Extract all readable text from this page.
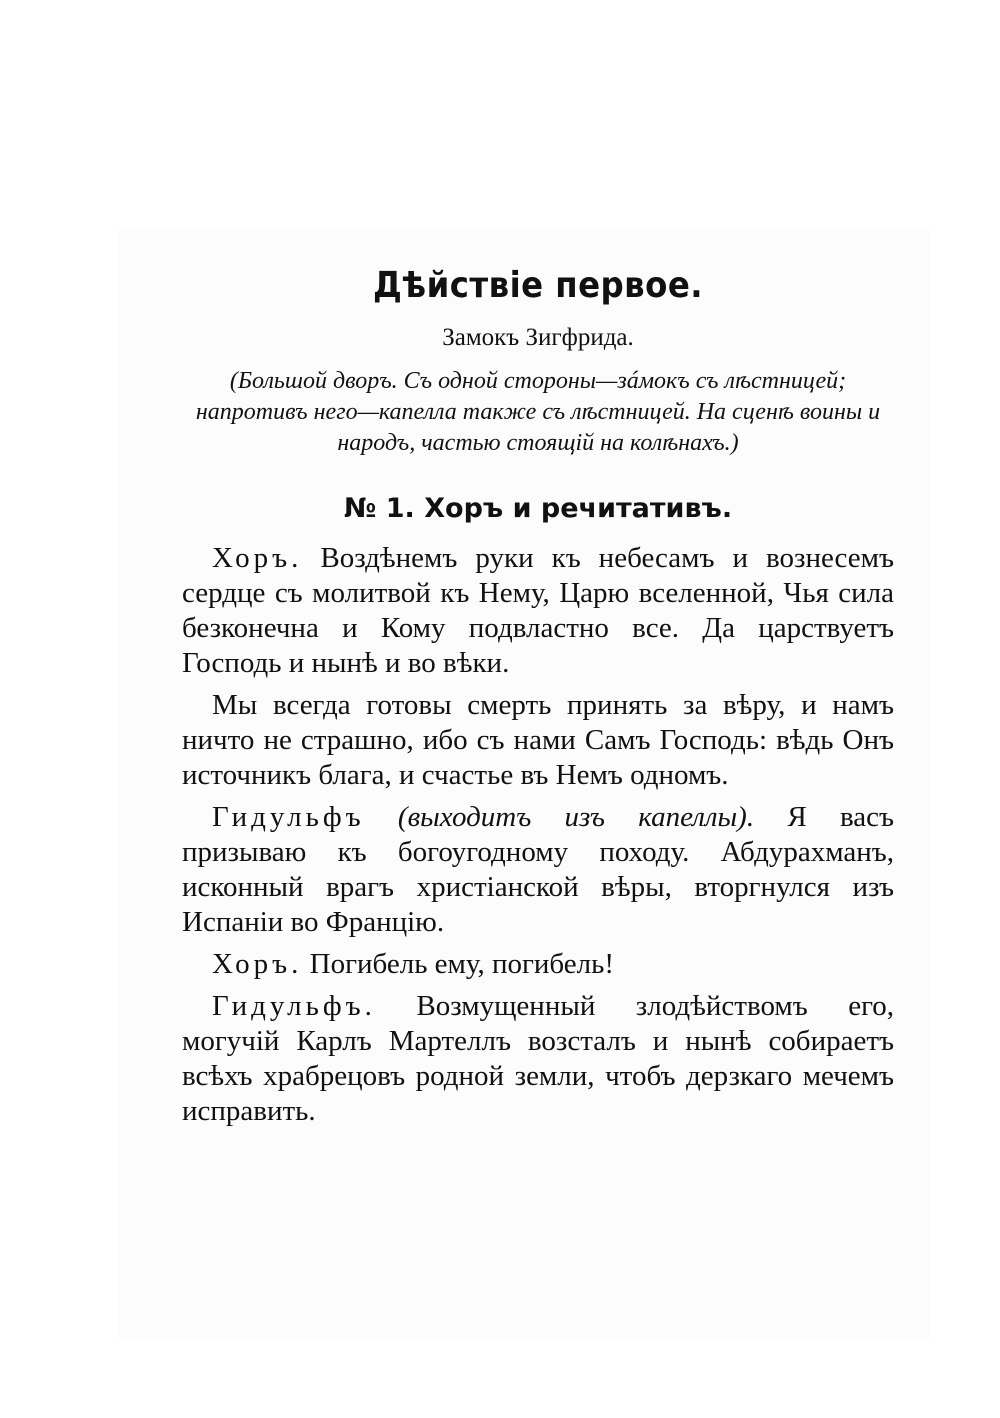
Дѣйствіе первое.
Замокъ Зигфрида.
(Большой дворъ. Съ одной стороны—зáмокъ съ лѣстницей; напротивъ него—капелла также съ лѣстницей. На сценѣ воины и народъ, частью стоящій на колѣнахъ.)
№ 1. Хоръ и речитативъ.

Хоръ. Воздѣнемъ руки къ небесамъ и вознесемъ сердце съ молитвой къ Нему, Царю вселенной, Чья сила безконечна и Кому подвластно все. Да царствуетъ Господь и нынѣ и во вѣки.

Мы всегда готовы смерть принять за вѣру, и намъ ничто не страшно, ибо съ нами Самъ Господь: вѣдь Онъ источникъ блага, и счастье въ Немъ одномъ.

Гидульфъ (выходитъ изъ капеллы). Я васъ призываю къ богоугодному походу. Абдурахманъ, исконный врагъ христіанской вѣры, вторгнулся изъ Испаніи во Францію.

Хоръ. Погибель ему, погибель!

Гидульфъ. Возмущенный злодѣйствомъ его, могучій Карлъ Мартеллъ возсталъ и нынѣ собираетъ всѣхъ храбрецовъ родной земли, чтобъ дерзкаго мечемъ исправить.
